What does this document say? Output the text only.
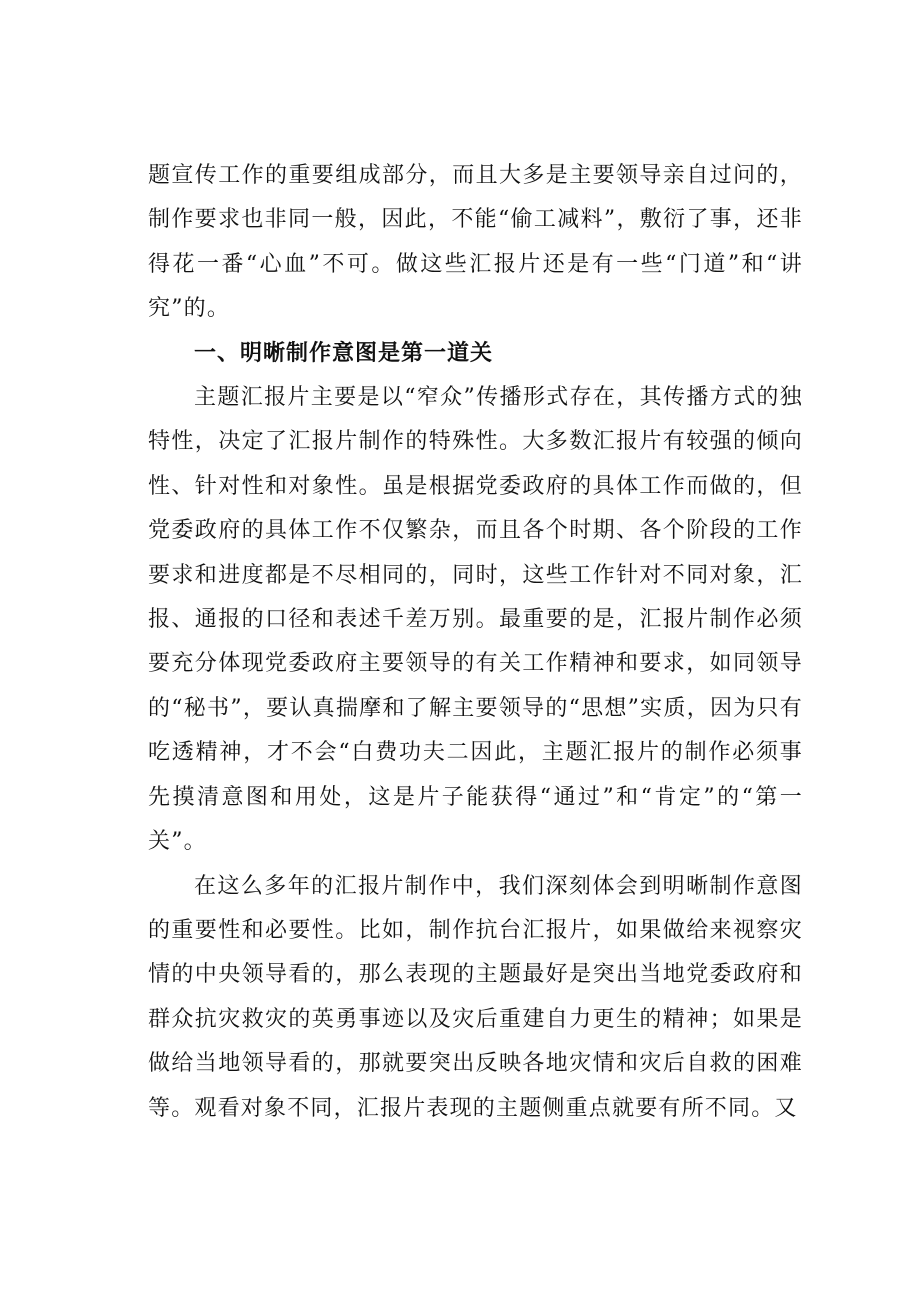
题宣传工作的重要组成部分，而且大多是主要领导亲自过问的，制作要求也非同一般，因此，不能“偷工减料”，敷衍了事，还非得花一番“心血”不可。做这些汇报片还是有一些“门道”和“讲究”的。

一、明晰制作意图是第一道关

主题汇报片主要是以“窄众”传播形式存在，其传播方式的独特性，决定了汇报片制作的特殊性。大多数汇报片有较强的倾向性、针对性和对象性。虽是根据党委政府的具体工作而做的，但党委政府的具体工作不仅繁杂，而且各个时期、各个阶段的工作要求和进度都是不尽相同的，同时，这些工作针对不同对象，汇报、通报的口径和表述千差万别。最重要的是，汇报片制作必须要充分体现党委政府主要领导的有关工作精神和要求，如同领导的“秘书”，要认真揣摩和了解主要领导的“思想”实质，因为只有吃透精神，才不会“白费功夫二因此，主题汇报片的制作必须事先摸清意图和用处，这是片子能获得“通过”和“肯定”的“第一关”。

在这么多年的汇报片制作中，我们深刻体会到明晰制作意图的重要性和必要性。比如，制作抗台汇报片，如果做给来视察灾情的中央领导看的，那么表现的主题最好是突出当地党委政府和群众抗灾救灾的英勇事迹以及灾后重建自力更生的精神；如果是做给当地领导看的，那就要突出反映各地灾情和灾后自救的困难等。观看对象不同，汇报片表现的主题侧重点就要有所不同。又
